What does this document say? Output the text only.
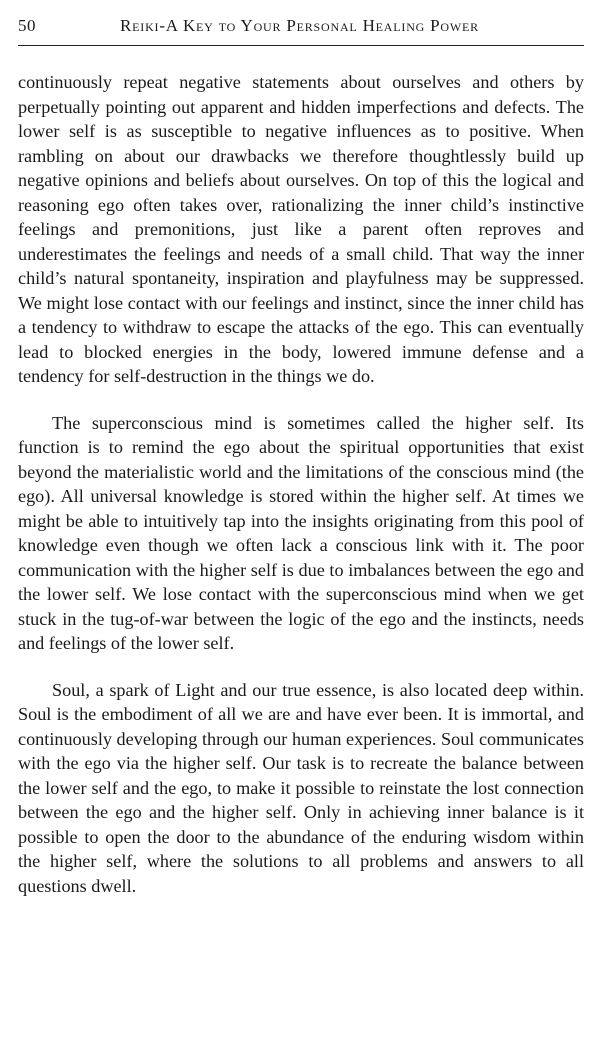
50	Reiki-A Key to Your Personal Healing Power

continuously repeat negative statements about ourselves and others by perpetually pointing out apparent and hidden imperfections and defects. The lower self is as susceptible to negative influences as to positive. When rambling on about our drawbacks we therefore thoughtlessly build up negative opinions and beliefs about ourselves. On top of this the logical and reasoning ego often takes over, rationalizing the inner child’s instinctive feelings and premonitions, just like a parent often reproves and underestimates the feelings and needs of a small child. That way the inner child’s natural spontaneity, inspiration and playfulness may be suppressed. We might lose contact with our feelings and instinct, since the inner child has a tendency to withdraw to escape the attacks of the ego. This can eventually lead to blocked energies in the body, lowered immune defense and a tendency for self-destruction in the things we do.

The superconscious mind is sometimes called the higher self. Its function is to remind the ego about the spiritual opportunities that exist beyond the materialistic world and the limitations of the conscious mind (the ego). All universal knowledge is stored within the higher self. At times we might be able to intuitively tap into the insights originating from this pool of knowledge even though we often lack a conscious link with it. The poor communication with the higher self is due to imbalances between the ego and the lower self. We lose contact with the superconscious mind when we get stuck in the tug-of-war between the logic of the ego and the instincts, needs and feelings of the lower self.

Soul, a spark of Light and our true essence, is also located deep within. Soul is the embodiment of all we are and have ever been. It is immortal, and continuously developing through our human experiences. Soul communicates with the ego via the higher self. Our task is to recreate the balance between the lower self and the ego, to make it possible to reinstate the lost connection between the ego and the higher self. Only in achieving inner balance is it possible to open the door to the abundance of the enduring wisdom within the higher self, where the solutions to all problems and answers to all questions dwell.
